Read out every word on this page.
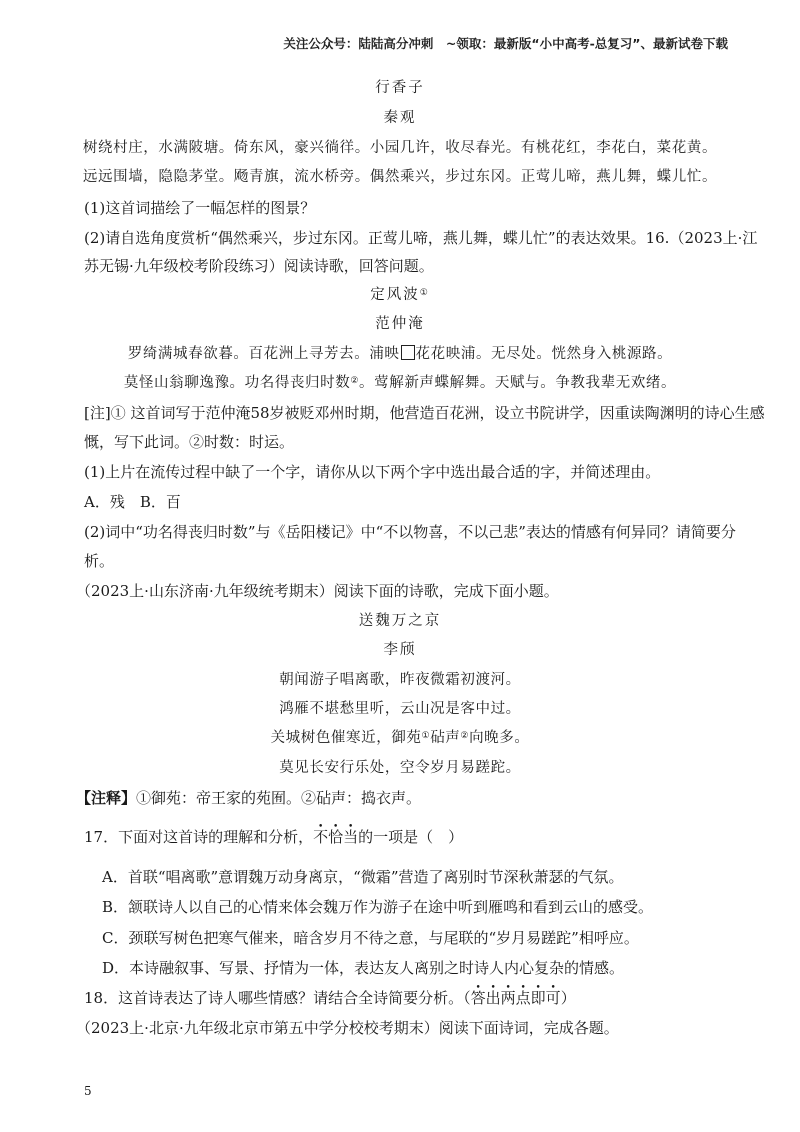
关注公众号：陆陆高分冲刺　~领取：最新版“小中高考-总复习”、最新试卷下载
行香子
秦观
树绕村庄，水满陂塘。倚东风，豪兴徜徉。小园几许，收尽春光。有桃花红，李花白，菜花黄。
远远围墙，隐隐茅堂。飏青旗，流水桥旁。偶然乘兴，步过东冈。正莺儿啼，燕儿舞，蝶儿忙。
(1)这首词描绘了一幅怎样的图景？
(2)请自选角度赏析“偶然乘兴，步过东冈。正莺儿啼，燕儿舞，蝶儿忙”的表达效果。16.（2023上·江
苏无锡·九年级校考阶段练习）阅读诗歌，回答问题。
定风波①
范仲淹
罗绮满城春欲暮。百花洲上寻芳去。浦映 花花映浦。无尽处。恍然身入桃源路。
莫怪山翁聊逸豫。功名得丧归时数②。莺解新声蝶解舞。天赋与。争教我辈无欢绪。
[注]① 这首词写于范仲淹58岁被贬邓州时期，他营造百花洲，设立书院讲学，因重读陶渊明的诗心生感
慨，写下此词。②时数：时运。
(1)上片在流传过程中缺了一个字，请你从以下两个字中选出最合适的字，并简述理由。
A．残　B．百
(2)词中“功名得丧归时数”与《岳阳楼记》中“不以物喜，不以己悲”表达的情感有何异同？请简要分
析。
（2023上·山东济南·九年级统考期末）阅读下面的诗歌，完成下面小题。
送魏万之京
李颀
朝闻游子唱离歌，昨夜微霜初渡河。
鸿雁不堪愁里听，云山况是客中过。
关城树色催寒近，御苑①砧声②向晚多。
莫见长安行乐处，空令岁月易蹉跎。
【注释】①御苑：帝王家的苑囿。②砧声：捣衣声。
17．下面对这首诗的理解和分析，不恰当的一项是（　）
A．首联“唱离歌”意谓魏万动身离京，“微霜”营造了离别时节深秋萧瑟的气氛。
B．颔联诗人以自己的心情来体会魏万作为游子在途中听到雁鸣和看到云山的感受。
C．颈联写树色把寒气催来，暗含岁月不待之意，与尾联的“岁月易蹉跎”相呼应。
D．本诗融叙事、写景、抒情为一体，表达友人离别之时诗人内心复杂的情感。
18．这首诗表达了诗人哪些情感？请结合全诗简要分析。（答出两点即可）
（2023上·北京·九年级北京市第五中学分校校考期末）阅读下面诗词，完成各题。
5
